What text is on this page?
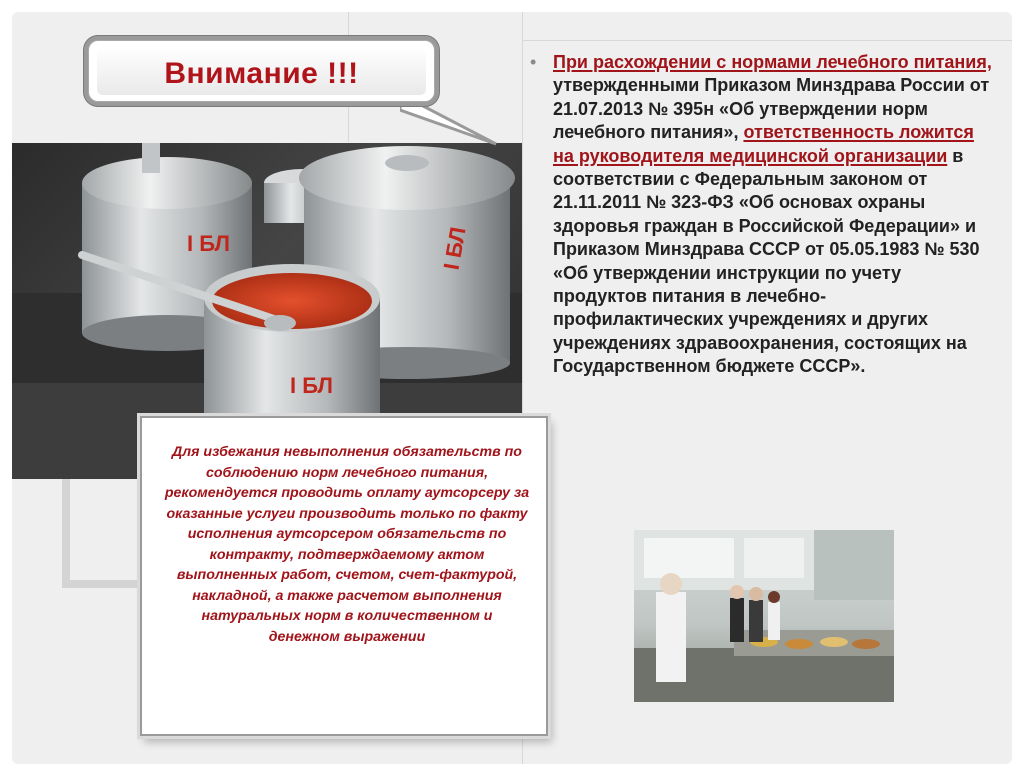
I БЛ	I БЛ
I БЛ
Внимание !!!
Для избежания невыполнения обязательств по соблюдению норм лечебного питания, рекомендуется проводить оплату аутсорсеру за оказанные услуги производить только по факту исполнения аутсорсером обязательств по контракту, подтверждаемому актом выполненных работ, счетом, счет-фактурой, накладной, а также расчетом выполнения натуральных норм в количественном и денежном выражении
• При расхождении с нормами лечебного питания, утвержденными Приказом Минздрава России от 21.07.2013 № 395н «Об утверждении норм лечебного питания», ответственность ложится на руководителя медицинской организации в соответствии с Федеральным законом от 21.11.2011 № 323-ФЗ «Об основах охраны здоровья граждан в Российской Федерации» и Приказом Минздрава СССР от 05.05.1983 № 530 «Об утверждении инструкции по учету продуктов питания в лечебно-профилактических учреждениях и других учреждениях здравоохранения, состоящих на Государственном бюджете СССР».
